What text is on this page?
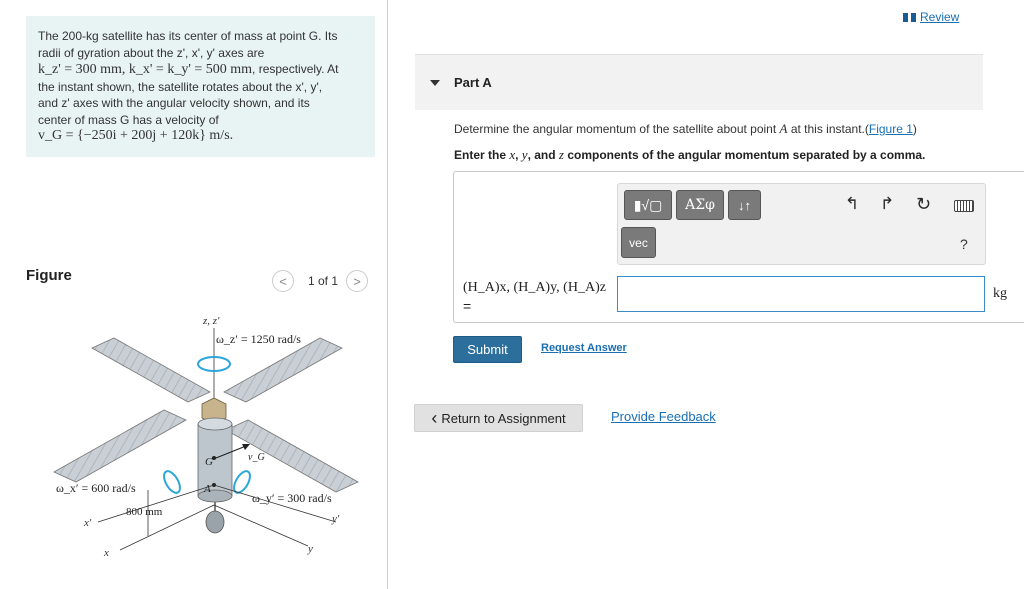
The 200-kg satellite has its center of mass at point G. Its
radii of gyration about the z', x', y' axes are
k_z' = 300 mm, k_x' = k_y' = 500 mm, respectively. At
the instant shown, the satellite rotates about the x', y',
and z' axes with the angular velocity shown, and its
center of mass G has a velocity of
v_G = {−250i + 200j + 120k} m/s.
Figure	< 1 of 1 >
z, z′
ω_z′ = 1250 rad/s
G
A
v_G
x′
x
y′
y
ω_x′ = 600 rad/s
ω_y′ = 300 rad/s
800 mm
Review
Part A
Determine the angular momentum of the satellite about point A at this instant.(Figure 1)
Enter the x, y, and z components of the angular momentum separated by a comma.
▮√▢	ΑΣφ	↓↑
vec
↰ ↱ ↻
?
(H_A)x, (H_A)y, (H_A)z
=
kg
Submit	Request Answer
‹ Return to Assignment	Provide Feedback
